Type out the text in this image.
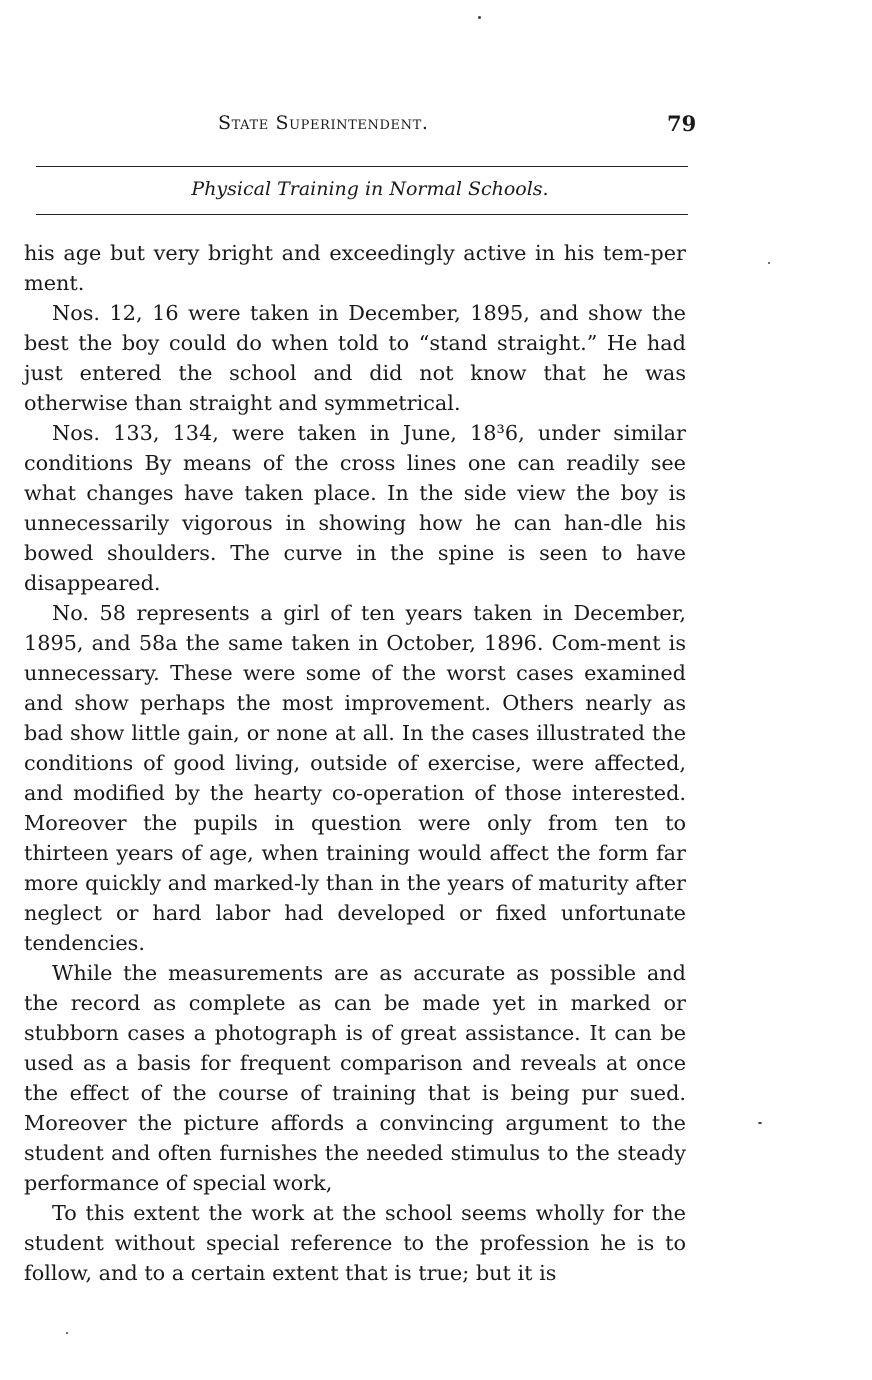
State Superintendent.	79
Physical Training in Normal Schools.

his age but very bright and exceedingly active in his tem-per ment.

Nos. 12, 16 were taken in December, 1895, and show the best the boy could do when told to “stand straight.” He had just entered the school and did not know that he was otherwise than straight and symmetrical.

Nos. 133, 134, were taken in June, 18³6, under similar conditions By means of the cross lines one can readily see what changes have taken place. In the side view the boy is unnecessarily vigorous in showing how he can han-dle his bowed shoulders. The curve in the spine is seen to have disappeared.

No. 58 represents a girl of ten years taken in December, 1895, and 58a the same taken in October, 1896. Com-ment is unnecessary. These were some of the worst cases examined and show perhaps the most improvement. Others nearly as bad show little gain, or none at all. In the cases illustrated the conditions of good living, outside of exercise, were affected, and modified by the hearty co-operation of those interested. Moreover the pupils in question were only from ten to thirteen years of age, when training would affect the form far more quickly and marked-ly than in the years of maturity after neglect or hard labor had developed or fixed unfortunate tendencies.

While the measurements are as accurate as possible and the record as complete as can be made yet in marked or stubborn cases a photograph is of great assistance. It can be used as a basis for frequent comparison and reveals at once the effect of the course of training that is being pur sued. Moreover the picture affords a convincing argument to the student and often furnishes the needed stimulus to the steady performance of special work,

To this extent the work at the school seems wholly for the student without special reference to the profession he is to follow, and to a certain extent that is true; but it is
